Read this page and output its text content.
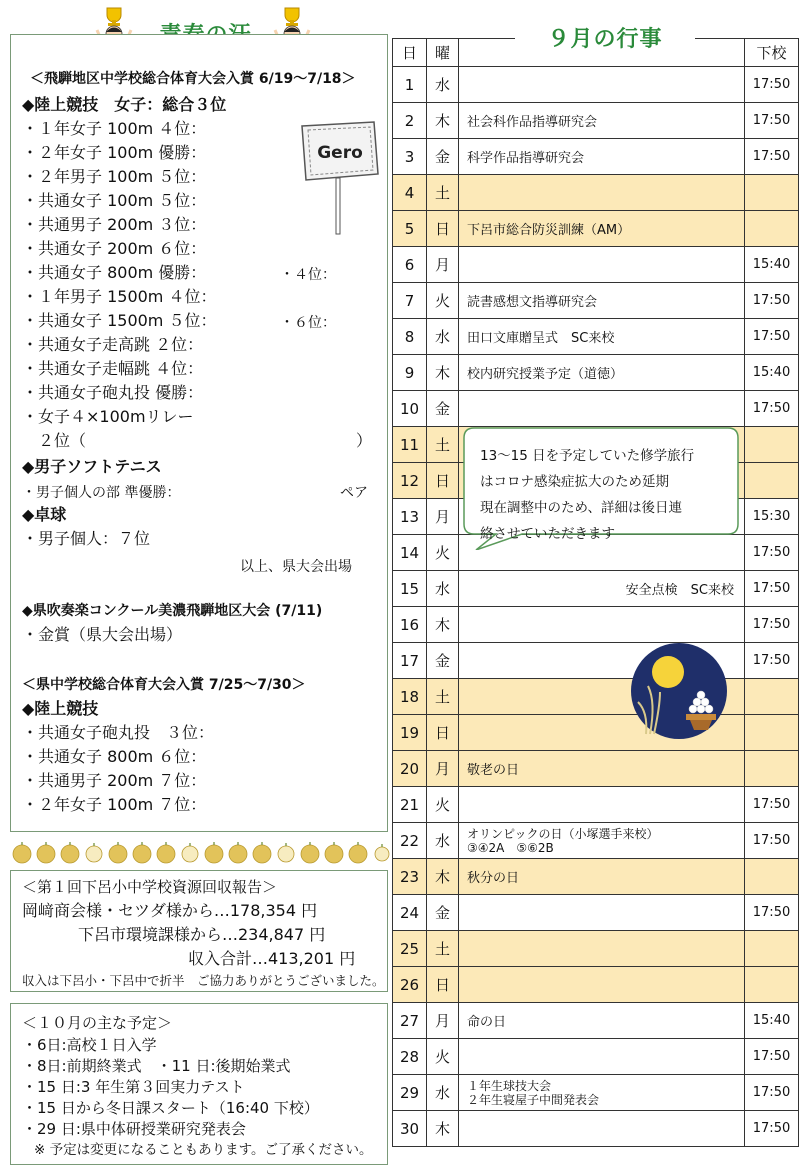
＜飛騨地区中学校総合体育大会入賞 6/19～7/18＞
◆陸上競技　女子：総合３位
・１年女子 100m ４位：
・２年女子 100m 優勝：
・２年男子 100m ５位：
・共通女子 100m ５位：
・共通男子 200m ３位：
・共通女子 200m ６位：
・共通女子 800m 優勝：	・４位：
・１年男子 1500m ４位：
・共通女子 1500m ５位：	・６位：
・共通女子走高跳 ２位：
・共通女子走幅跳 ４位：
・共通女子砲丸投 優勝：
・女子４×100mリレー
２位（	）
◆男子ソフトテニス
・男子個人の部 準優勝：	ペア
◆卓球
・男子個人：７位
以上、県大会出場
◆県吹奏楽コンクール美濃飛騨地区大会 (7/11)
・金賞（県大会出場）
＜県中学校総合体育大会入賞 7/25～7/30＞
◆陸上競技
・共通女子砲丸投　３位：
・共通女子 800m ６位：
・共通男子 200m ７位：
・２年女子 100m ７位：
Gero
＜第１回下呂小中学校資源回収報告＞
岡﨑商会様・セツダ様から…178,354 円
下呂市環境課様から…234,847 円
収入合計…413,201 円
収入は下呂小・下呂中で折半　ご協力ありがとうございました。
＜１０月の主な予定＞
・6日:高校１日入学
・8日:前期終業式　・11 日:後期始業式
・15 日:3 年生第３回実力テスト
・15 日から冬日課スタート（16:40 下校）
・29 日:県中体研授業研究発表会
※ 予定は変更になることもあります。ご了承ください。
９月の行事
日	曜		下校
1	水		17:50
2	木	社会科作品指導研究会	17:50
3	金	科学作品指導研究会	17:50
4	土		
5	日	下呂市総合防災訓練（AM）	
6	月		15:40
7	火	読書感想文指導研究会	17:50
8	水	田口文庫贈呈式　SC来校	17:50
9	木	校内研究授業予定（道徳）	15:40
10	金		17:50
11	土		
12	日		
13	月		15:30
14	火		17:50
15	水	安全点検　SC来校	17:50
16	木		17:50
17	金		17:50
18	土		
19	日		
20	月	敬老の日	
21	火		17:50
22	水	オリンピックの日（小塚選手来校）
③④2A　⑤⑥2B	17:50
23	木	秋分の日	
24	金		17:50
25	土		
26	日		
27	月	命の日	15:40
28	火		17:50
29	水	１年生球技大会
２年生寝屋子中間発表会	17:50
30	木		17:50
13～15 日を予定していた修学旅行
はコロナ感染症拡大のため延期
現在調整中のため、詳細は後日連
絡させていただきます
